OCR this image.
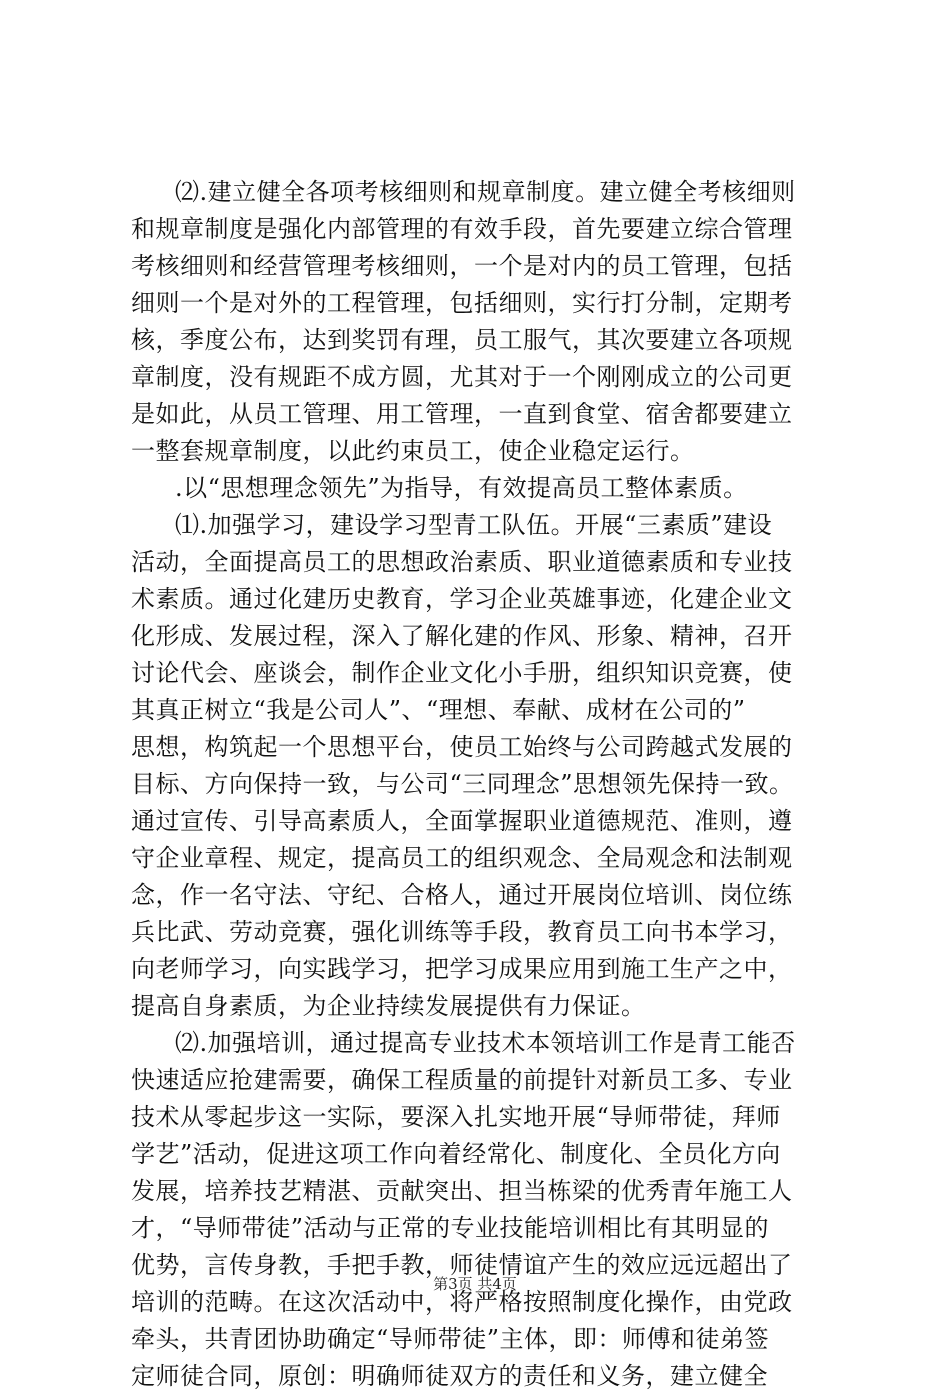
⑵.建立健全各项考核细则和规章制度。建立健全考核细则
和规章制度是强化内部管理的有效手段，首先要建立综合管理
考核细则和经营管理考核细则，一个是对内的员工管理，包括
细则一个是对外的工程管理，包括细则，实行打分制，定期考
核，季度公布，达到奖罚有理，员工服气，其次要建立各项规
章制度，没有规距不成方圆，尤其对于一个刚刚成立的公司更
是如此，从员工管理、用工管理，一直到食堂、宿舍都要建立
一整套规章制度，以此约束员工，使企业稳定运行。
.以“思想理念领先”为指导，有效提高员工整体素质。
⑴.加强学习，建设学习型青工队伍。开展“三素质”建设
活动，全面提高员工的思想政治素质、职业道德素质和专业技
术素质。通过化建历史教育，学习企业英雄事迹，化建企业文
化形成、发展过程，深入了解化建的作风、形象、精神，召开
讨论代会、座谈会，制作企业文化小手册，组织知识竞赛，使
其真正树立“我是公司人”、“理想、奉献、成材在公司的”
思想，构筑起一个思想平台，使员工始终与公司跨越式发展的
目标、方向保持一致，与公司“三同理念”思想领先保持一致。
通过宣传、引导高素质人，全面掌握职业道德规范、准则，遵
守企业章程、规定，提高员工的组织观念、全局观念和法制观
念，作一名守法、守纪、合格人，通过开展岗位培训、岗位练
兵比武、劳动竞赛，强化训练等手段，教育员工向书本学习，
向老师学习，向实践学习，把学习成果应用到施工生产之中，
提高自身素质，为企业持续发展提供有力保证。
⑵.加强培训，通过提高专业技术本领培训工作是青工能否
快速适应抢建需要，确保工程质量的前提针对新员工多、专业
技术从零起步这一实际，要深入扎实地开展“导师带徒，拜师
学艺”活动，促进这项工作向着经常化、制度化、全员化方向
发展，培养技艺精湛、贡献突出、担当栋梁的优秀青年施工人
才，“导师带徒”活动与正常的专业技能培训相比有其明显的
优势，言传身教，手把手教，师徒情谊产生的效应远远超出了
培训的范畴。在这次活动中，将严格按照制度化操作，由党政
牵头，共青团协助确定“导师带徒”主体，即：师傅和徒弟签
定师徒合同，原创：明确师徒双方的责任和义务，建立健全
第3页 共4页
